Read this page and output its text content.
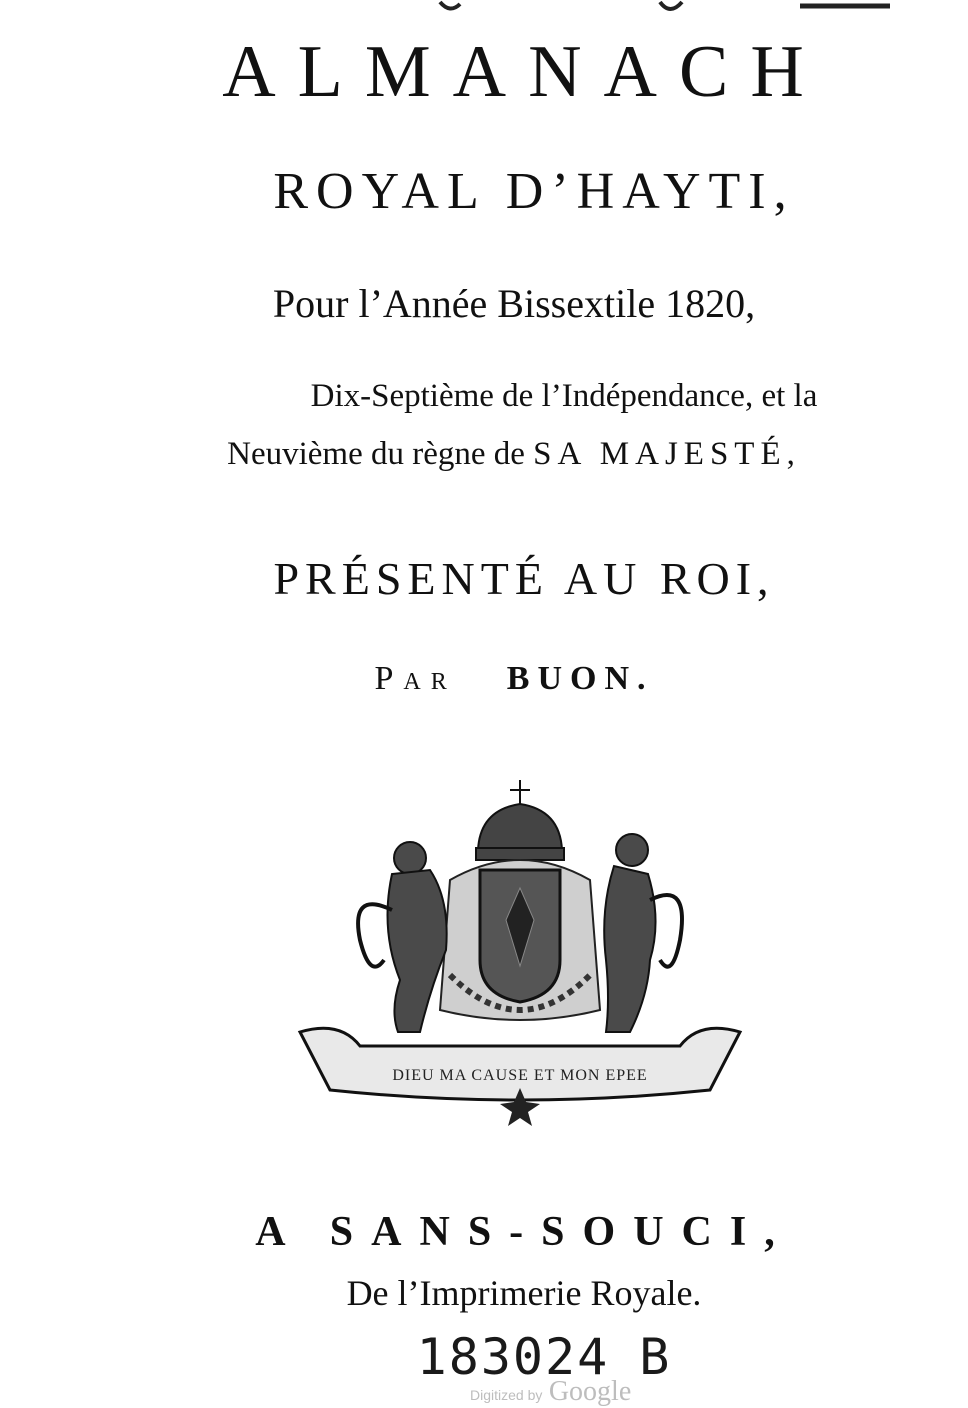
ALMANACH
ROYAL D’HAYTI,
Pour l’Année Bissextile 1820,
Dix-Septième de l’Indépendance, et la
Neuvième du règne de SA MAJESTÉ,
PRÉSENTÉ AU ROI,
PAR BUON.
DIEU MA CAUSE ET MON EPEE
A SANS-SOUCI,
De l’Imprimerie Royale.
183024 B
Digitized by Google
